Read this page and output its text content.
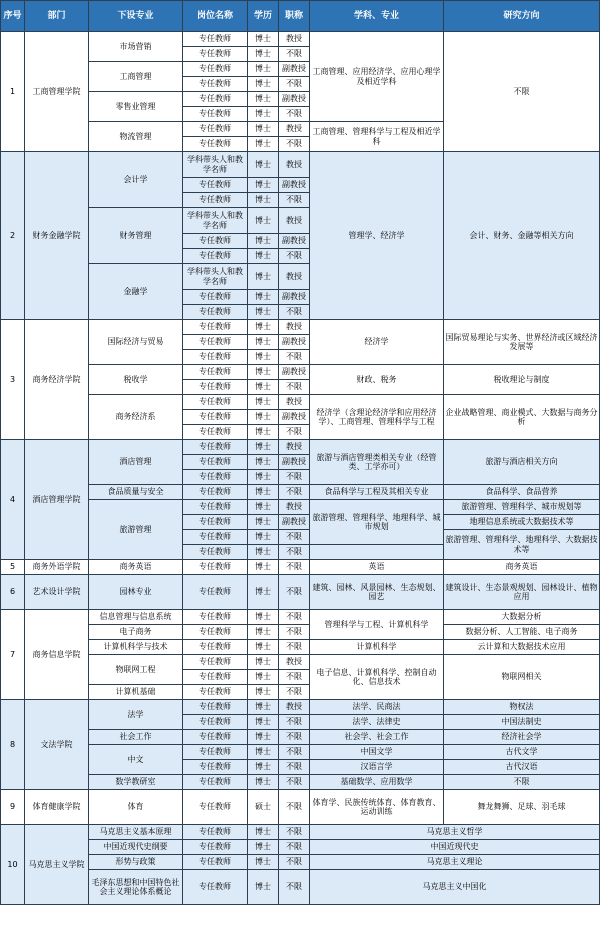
序号	部门	下设专业	岗位名称	学历	职称	学科、专业	研究方向
1	工商管理学院	市场营销	专任教师	博士	教授	工商管理、应用经济学、应用心理学及相近学科	不限
			专任教师	博士	不限		
		工商管理	专任教师	博士	副教授		
			专任教师	博士	不限		
		零售业管理	专任教师	博士	副教授		
			专任教师	博士	不限		
		物流管理	专任教师	博士	教授	工商管理、管理科学与工程及相近学科	
			专任教师	博士	不限		
2	财务金融学院	会计学	学科带头人和教学名师	博士	教授	管理学、经济学	会计、财务、金融等相关方向
			专任教师	博士	副教授		
			专任教师	博士	不限		
		财务管理	学科带头人和教学名师	博士	教授		
			专任教师	博士	副教授		
			专任教师	博士	不限		
		金融学	学科带头人和教学名师	博士	教授		
			专任教师	博士	副教授		
			专任教师	博士	不限		
3	商务经济学院	国际经济与贸易	专任教师	博士	教授	经济学	国际贸易理论与实务、世界经济或区域经济发展等
			专任教师	博士	副教授		
			专任教师	博士	不限		
		税收学	专任教师	博士	副教授	财政、税务	税收理论与制度
			专任教师	博士	不限		
		商务经济系	专任教师	博士	教授	经济学（含理论经济学和应用经济学）、工商管理、管理科学与工程	企业战略管理、商业模式、大数据与商务分析
			专任教师	博士	副教授		
			专任教师	博士	不限		
4	酒店管理学院	酒店管理	专任教师	博士	教授	旅游与酒店管理类相关专业（经管类、工学亦可）	旅游与酒店相关方向
			专任教师	博士	副教授		
			专任教师	博士	不限		
		食品质量与安全	专任教师	博士	不限	食品科学与工程及其相关专业	食品科学、食品营养
		旅游管理	专任教师	博士	教授	旅游管理、管理科学、地理科学、城市规划	旅游管理、管理科学、城市规划等
			专任教师	博士	副教授		地理信息系统或大数据技术等
			专任教师	博士	不限		旅游管理、管理科学、地理科学、大数据技术等
			专任教师	博士	不限		
5	商务外语学院	商务英语	专任教师	博士	不限	英语	商务英语
6	艺术设计学院	园林专业	专任教师	博士	不限	建筑、园林、风景园林、生态规划、园艺	建筑设计、生态景观规划、园林设计、植物应用
7	商务信息学院	信息管理与信息系统	专任教师	博士	不限	管理科学与工程、计算机科学	大数据分析
		电子商务	专任教师	博士	不限		数据分析、人工智能、电子商务
		计算机科学与技术	专任教师	博士	不限	计算机科学	云计算和大数据技术应用
		物联网工程	专任教师	博士	教授	电子信息、计算机科学、控制自动化、信息技术	物联网相关
			专任教师	博士	不限		
		计算机基础	专任教师	博士	不限		
8	文法学院	法学	专任教师	博士	教授	法学、民商法	物权法
			专任教师	博士	不限	法学、法律史	中国法制史
		社会工作	专任教师	博士	不限	社会学、社会工作	经济社会学
		中文	专任教师	博士	不限	中国文学	古代文学
			专任教师	博士	不限	汉语言学	古代汉语
		数学教研室	专任教师	博士	不限	基础数学、应用数学	不限
9	体育健康学院	体育	专任教师	硕士	不限	体育学、民族传统体育、体育教育、运动训练	舞龙舞狮、足球、羽毛球
10	马克思主义学院	马克思主义基本原理	专任教师	博士	不限	马克思主义哲学	
		中国近现代史纲要	专任教师	博士	不限	中国近现代史	
		形势与政策	专任教师	博士	不限	马克思主义理论	
		毛泽东思想和中国特色社会主义理论体系概论	专任教师	博士	不限	马克思主义中国化	
